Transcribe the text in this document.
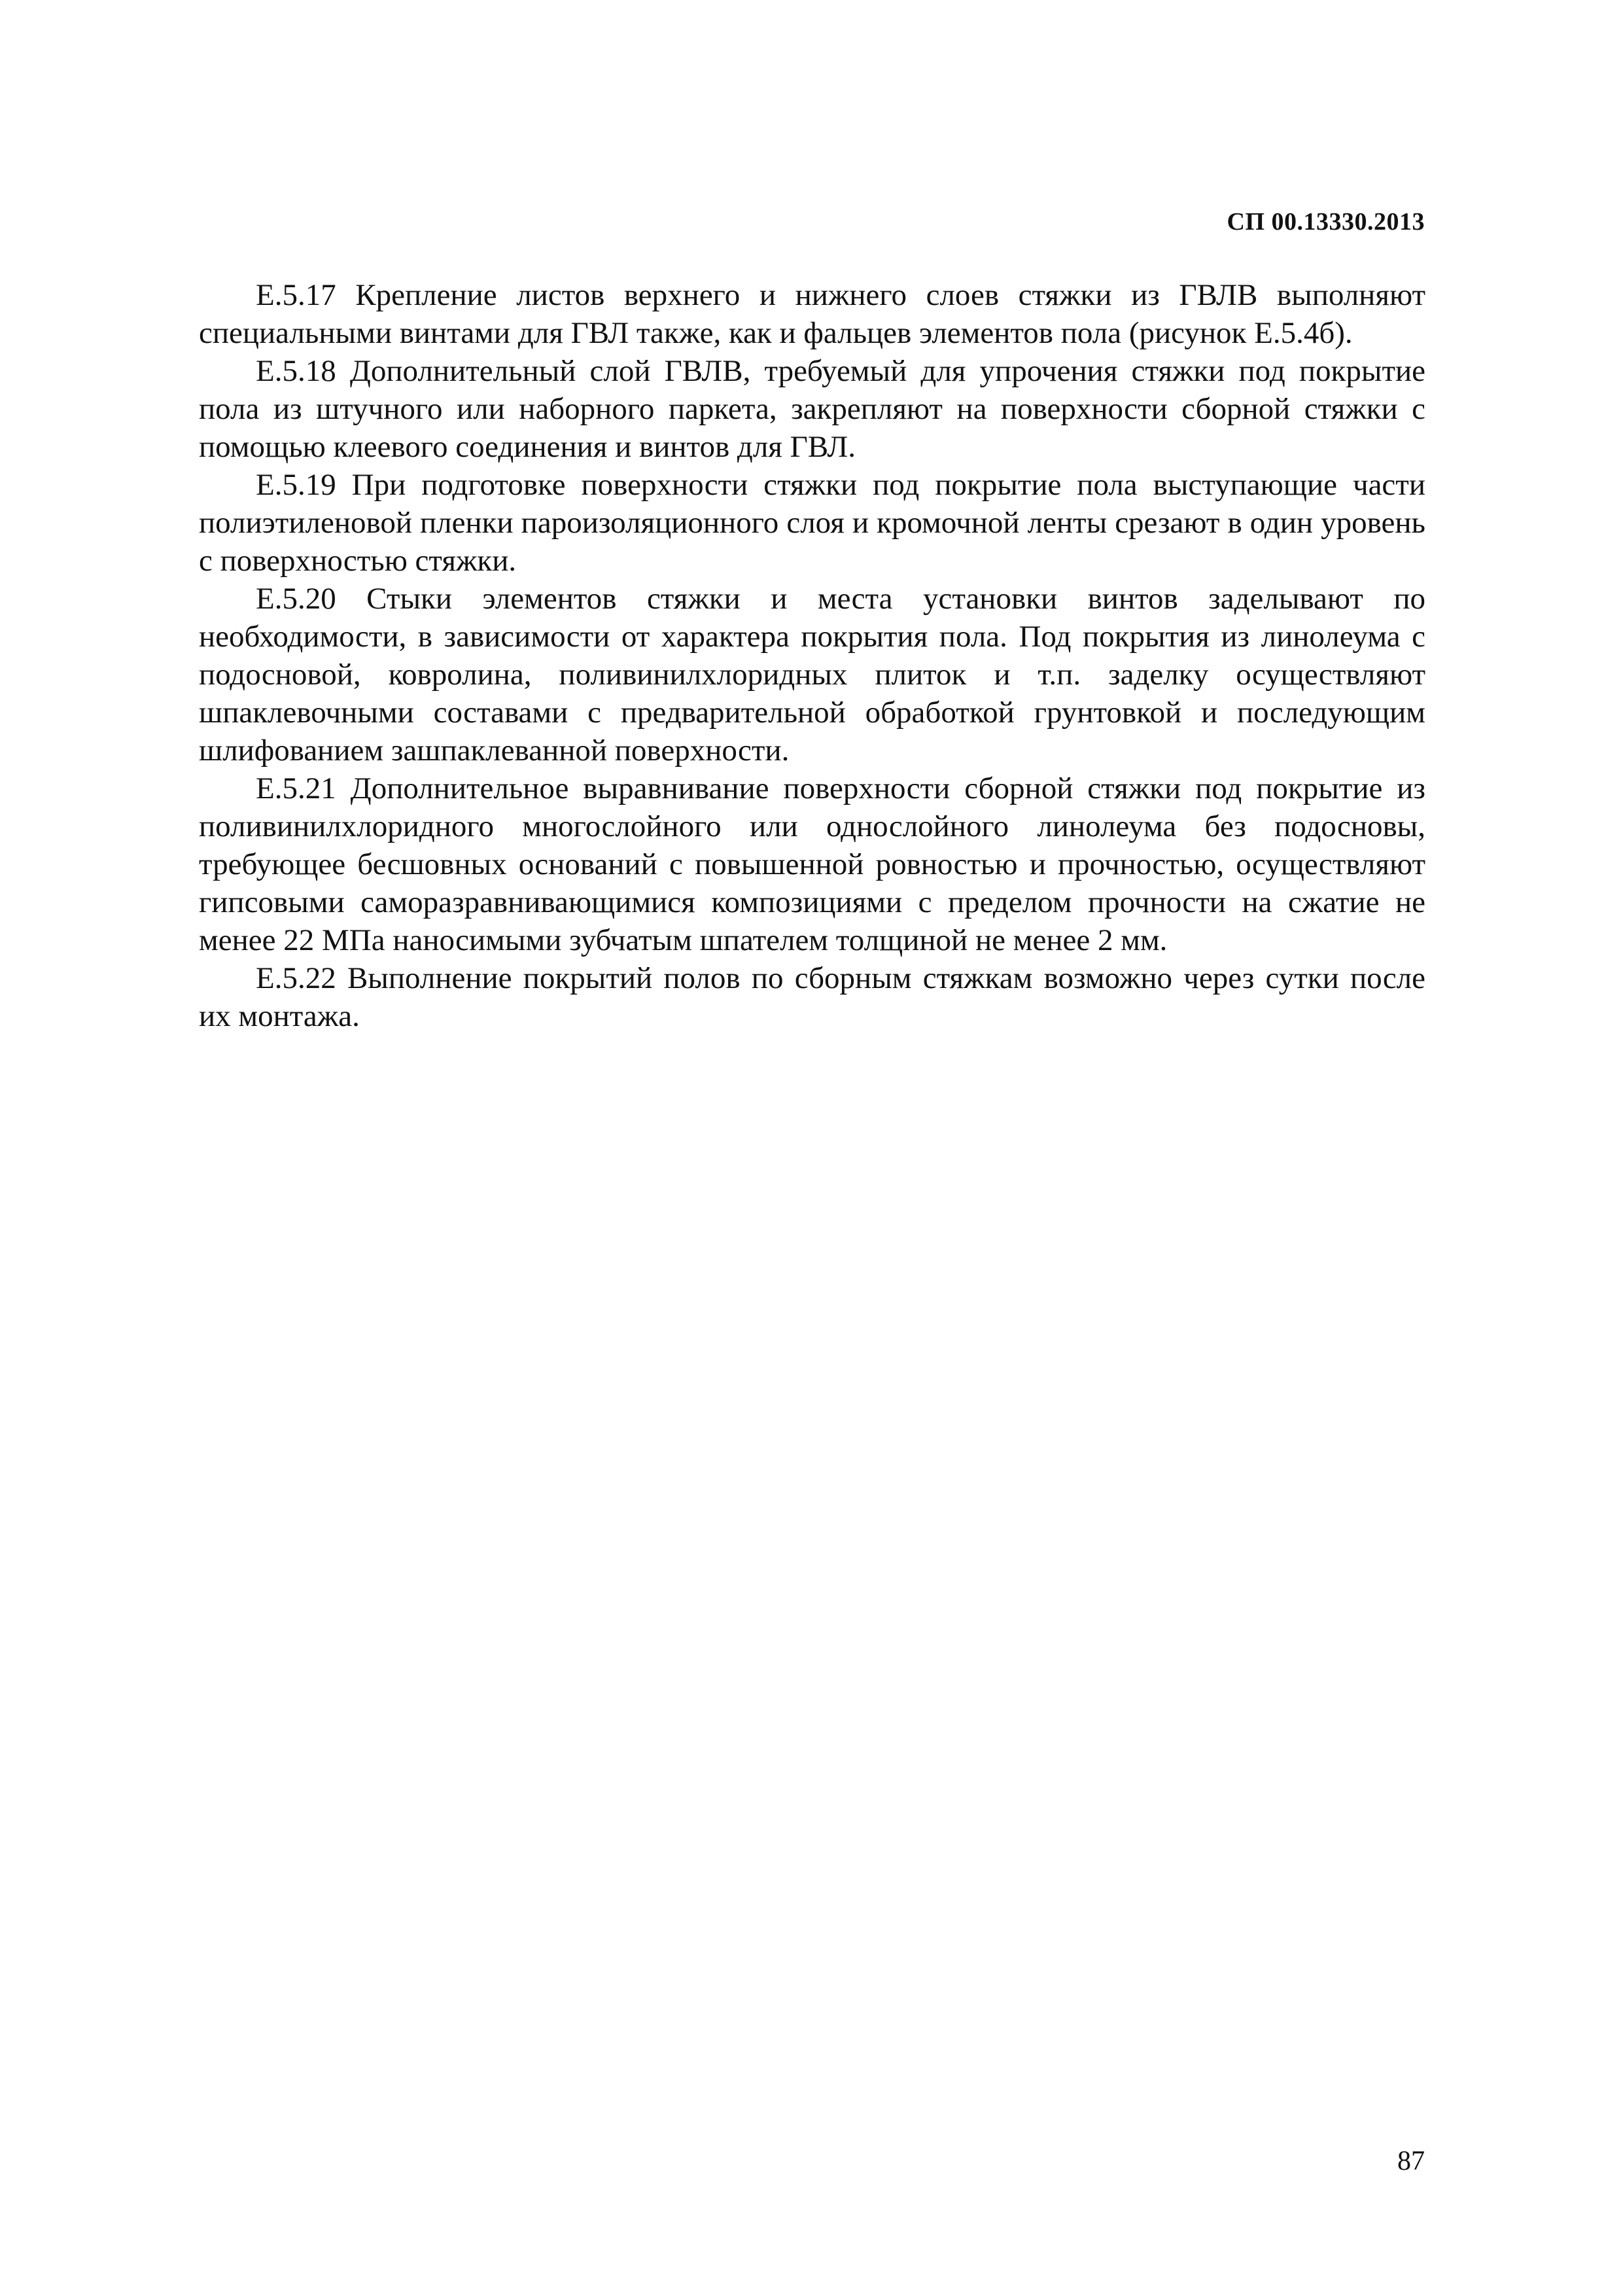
СП 00.13330.2013

Е.5.17 Крепление листов верхнего и нижнего слоев стяжки из ГВЛВ выполняют специальными винтами для ГВЛ также, как и фальцев элементов пола (рисунок Е.5.4б).

Е.5.18 Дополнительный слой ГВЛВ, требуемый для упрочения стяжки под покрытие пола из штучного или наборного паркета, закрепляют на поверхности сборной стяжки с помощью клеевого соединения и винтов для ГВЛ.

Е.5.19 При подготовке поверхности стяжки под покрытие пола выступающие части полиэтиленовой пленки пароизоляционного слоя и кромочной ленты срезают в один уровень с поверхностью стяжки.

Е.5.20 Стыки элементов стяжки и места установки винтов заделывают по необходимости, в зависимости от характера покрытия пола. Под покрытия из линолеума с подосновой, ковролина, поливинилхлоридных плиток и т.п. заделку осуществляют шпаклевочными составами с предварительной обработкой грунтовкой и последующим шлифованием зашпаклеванной поверхности.

Е.5.21 Дополнительное выравнивание поверхности сборной стяжки под покрытие из поливинилхлоридного многослойного или однослойного линолеума без подосновы, требующее бесшовных оснований с повышенной ровностью и прочностью, осуществляют гипсовыми саморазравнивающимися композициями с пределом прочности на сжатие не менее 22 МПа наносимыми зубчатым шпателем толщиной не менее 2 мм.

Е.5.22 Выполнение покрытий полов по сборным стяжкам возможно через сутки после их монтажа.

87
